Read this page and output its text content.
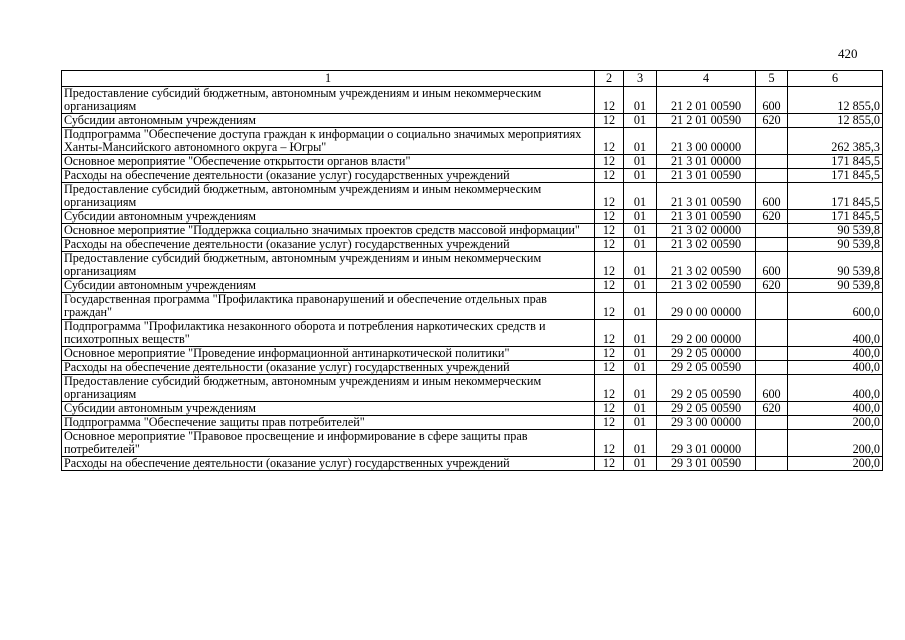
420
1	2	3	4	5	6
Предоставление субсидий бюджетным, автономным учреждениям и иным некоммерческим организациям	12	01	21 2 01 00590	600	12 855,0
Субсидии автономным учреждениям	12	01	21 2 01 00590	620	12 855,0
Подпрограмма "Обеспечение доступа граждан к информации о социально значимых мероприятиях Ханты-Мансийского автономного округа – Югры"	12	01	21 3 00 00000		262 385,3
Основное мероприятие "Обеспечение открытости органов власти"	12	01	21 3 01 00000		171 845,5
Расходы на обеспечение деятельности (оказание услуг) государственных учреждений	12	01	21 3 01 00590		171 845,5
Предоставление субсидий бюджетным, автономным учреждениям и иным некоммерческим организациям	12	01	21 3 01 00590	600	171 845,5
Субсидии автономным учреждениям	12	01	21 3 01 00590	620	171 845,5
Основное мероприятие "Поддержка социально значимых проектов средств массовой информации"	12	01	21 3 02 00000		90 539,8
Расходы на обеспечение деятельности (оказание услуг) государственных учреждений	12	01	21 3 02 00590		90 539,8
Предоставление субсидий бюджетным, автономным учреждениям и иным некоммерческим организациям	12	01	21 3 02 00590	600	90 539,8
Субсидии автономным учреждениям	12	01	21 3 02 00590	620	90 539,8
Государственная программа "Профилактика правонарушений и обеспечение отдельных прав граждан"	12	01	29 0 00 00000		600,0
Подпрограмма "Профилактика незаконного оборота и потребления наркотических средств и психотропных веществ"	12	01	29 2 00 00000		400,0
Основное мероприятие "Проведение информационной антинаркотической политики"	12	01	29 2 05 00000		400,0
Расходы на обеспечение деятельности (оказание услуг) государственных учреждений	12	01	29 2 05 00590		400,0
Предоставление субсидий бюджетным, автономным учреждениям и иным некоммерческим организациям	12	01	29 2 05 00590	600	400,0
Субсидии автономным учреждениям	12	01	29 2 05 00590	620	400,0
Подпрограмма "Обеспечение защиты прав потребителей"	12	01	29 3 00 00000		200,0
Основное мероприятие "Правовое просвещение и информирование в сфере защиты прав потребителей"	12	01	29 3 01 00000		200,0
Расходы на обеспечение деятельности (оказание услуг) государственных учреждений	12	01	29 3 01 00590		200,0
